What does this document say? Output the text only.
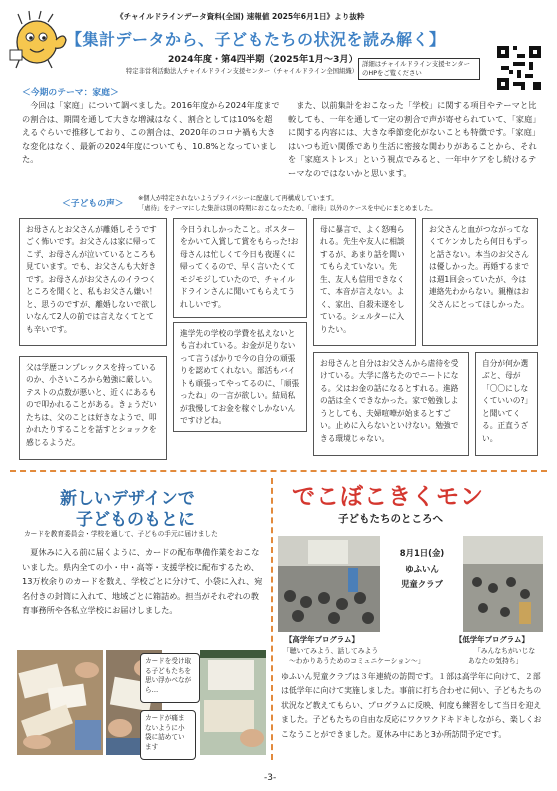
《チャイルドラインデータ資料(全国) 速報値 2025年6月1日》より抜粋
【集計データから、子どもたちの状況を読み解く】
2024年度・第4四半期（2025年1月～3月）
特定非営利活動法人チャイルドライン支援センター（チャイルドライン全国組織）
詳細はチャイルドライン支援センターのHPをご覧ください
＜今期のテーマ：家庭＞
今回は「家庭」について調べました。2016年度から2024年度までの割合は、期間を通して大きな増減はなく、割合としては10%を超えるぐらいで推移しており、この割合は、2020年のコロナ禍も大きな変化はなく、最新の2024年度についても、10.8%となっていました。
また、以前集計をおこなった「学校」に関する項目やテーマと比較しても、一年を通して一定の割合で声が寄せられていて、「家庭」に関する内容には、大きな季節変化がないことも特徴です。「家庭」はいつも近い関係であり生活に密接な関わりがあることから、それを「家庭ストレス」という視点でみると、一年中ケアをし続けるテーマなのではないかと思います。
＜子どもの声＞
※個人が特定されないようプライバシーに配慮して再構成しています。
「虐待」をテーマにした集計は別の時期におこなったため、「虐待」以外のケースを中心にまとめました。
お母さんとお父さんが離婚しそうですごく怖いです。お父さんは家に帰ってこず、お母さんが泣いているところも見ています。でも、お父さんも大好きです。お母さんがお父さんのイラつくところを聞くと、私もお父さん嫌い！と、思うのですが、離婚しないで欲しいなんて2人の前では言えなくてとても辛いです。
今日うれしかったこと。ポスターをかいて入賞して賞をもらった!お母さんは忙しくて今日も夜遅くに帰ってくるので、早く言いたくてモジモジしていたので、チャイルドラインさんに聞いてもらえてうれしいです。
母に暴言で、よく怒鳴られる。先生や友人に相談するが、あまり話を聞いてもらえていない。先生、友人も信用できなくて、本音が言えない。よく、家出、自殺未遂をしている。シェルターに入りたい。
お父さんと血がつながってなくてケンカしたら何日もずっと話さない。本当のお父さんは優しかった。再婚するまでは週1回会っていたが、今は連絡先わからない。親権はお父さんにとってほしかった。
父は学歴コンプレックスを持っているのか、小さいころから勉強に厳しい。テストの点数が悪いと、近くにあるもので叩かれることがある。きょうだいたちは、父のことは好きなようで、叩かれたりすることを話すとショックを感じるようだ。
進学先の学校の学費を払えないとも言われている。お金が足りないって言うばかりで今の自分の頑張りを認めてくれない。部活もバイトも頑張ってやってるのに、「頑張ったね」の一言が欲しい。結局私が我慢してお金を稼ぐしかないんですけどね。
お母さんと自分はお父さんから虐待を受けている。大学に落ちたのでニートになる。父はお金の話になるとすれる。進路の話は全くできなかった。家で勉強しようとしても、夫婦喧嘩が始まるとすごい。止めに入らないといけない。勉強できる環境じゃない。
自分が何か選ぶと、母が「〇〇にしなくていいの?」と聞いてくる。正直うざい。
新しいデザインで
子どものもとに
カードを教育委員会・学校を通して、子どもの手元に届けました
夏休みに入る前に届くように、カードの配布準備作業をおこないました。県内全ての小・中・高等・支援学校に配布するため、13万枚余りのカードを数え、学校ごとに分けて、小袋に入れ、宛名付きの封筒に入れて、地域ごとに箱詰め。担当がそれぞれの教育事務所や各私立学校にお届けしました。
カードを受け取る子どもたちを思い浮かべながら…
カードが痛まないように小袋に詰めています
でこぼこきくモン
子どもたちのところへ
8月1日(金)
ゆふいん
児童クラブ
【高学年プログラム】
「聴いてみよう、話してみよう
～わかりあうためのコミュニケーション～」
【低学年プログラム】
「みんなちがいじな
あなたの気持ち」
ゆふいん児童クラブは３年連続の訪問です。１部は高学年に向けて、２部は低学年に向けて実施しました。事前に打ち合わせに伺い、子どもたちの状況など教えてもらい、プログラムに反映、何度も練習をして当日を迎えました。子どもたちの自由な反応にワクワクドキドキしながら、楽しくおこなうことができました。夏休み中にあと3か所訪問予定です。
-3-
